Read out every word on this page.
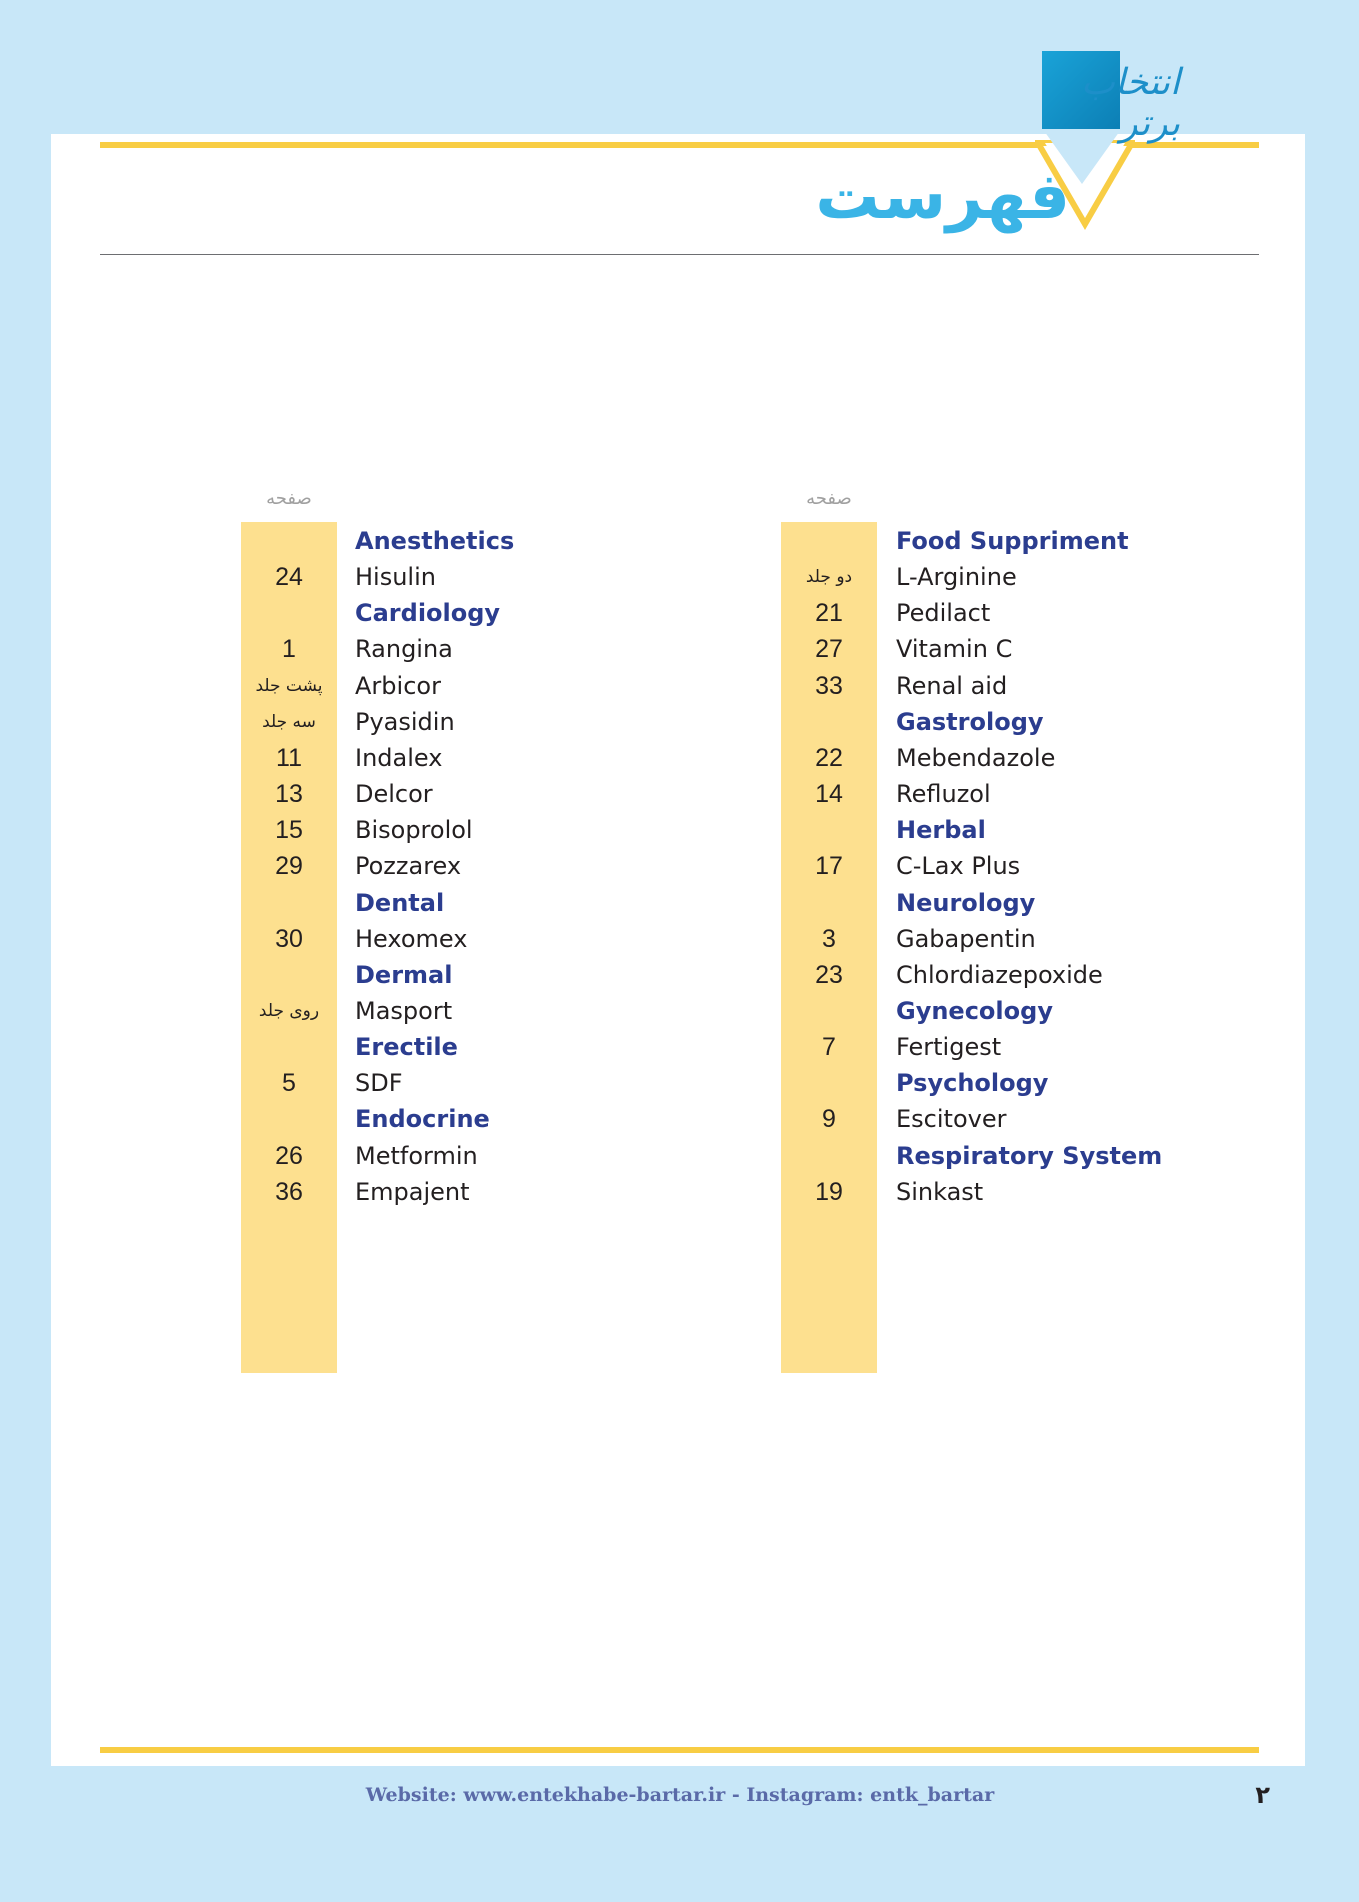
انتخاب برتر
فهرست
صفحه	صفحه
Website: www.entekhabe-bartar.ir - Instagram: entk_bartar	۲
Anesthetics
24	Hisulin
Cardiology
1	Rangina
پشت جلد	Arbicor
سه جلد	Pyasidin
11	Indalex
13	Delcor
15	Bisoprolol
29	Pozzarex
Dental
30	Hexomex
Dermal
روی جلد	Masport
Erectile
5	SDF
Endocrine
26	Metformin
36	Empajent
Food Suppriment
دو جلد	L-Arginine
21	Pedilact
27	Vitamin C
33	Renal aid
Gastrology
22	Mebendazole
14	Refluzol
Herbal
17	C-Lax Plus
Neurology
3	Gabapentin
23	Chlordiazepoxide
Gynecology
7	Fertigest
Psychology
9	Escitover
Respiratory System
19	Sinkast
